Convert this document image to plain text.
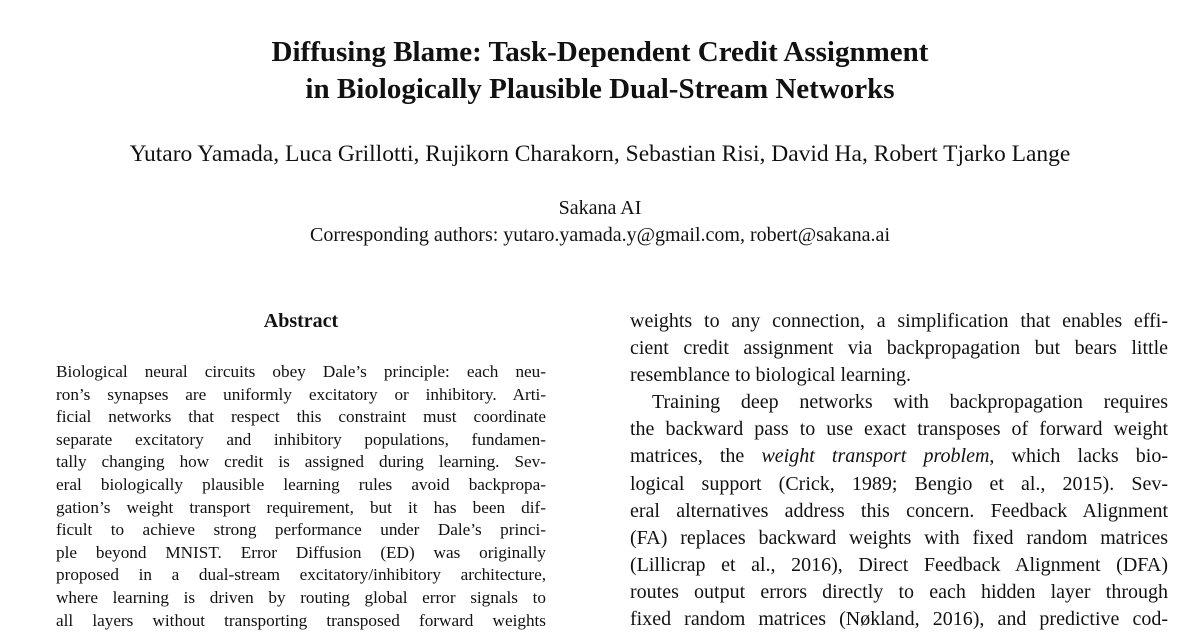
Diffusing Blame: Task-Dependent Credit Assignment
in Biologically Plausible Dual-Stream Networks
Yutaro Yamada, Luca Grillotti, Rujikorn Charakorn, Sebastian Risi, David Ha, Robert Tjarko Lange
Sakana AI
Corresponding authors: yutaro.yamada.y@gmail.com, robert@sakana.ai
Abstract
Biological neural circuits obey Dale’s principle: each neu-
ron’s synapses are uniformly excitatory or inhibitory. Arti-
ficial networks that respect this constraint must coordinate
separate excitatory and inhibitory populations, fundamen-
tally changing how credit is assigned during learning. Sev-
eral biologically plausible learning rules avoid backpropa-
gation’s weight transport requirement, but it has been dif-
ficult to achieve strong performance under Dale’s princi-
ple beyond MNIST. Error Diffusion (ED) was originally
proposed in a dual-stream excitatory/inhibitory architecture,
where learning is driven by routing global error signals to
all layers without transporting transposed forward weights
weights to any connection, a simplification that enables effi-
cient credit assignment via backpropagation but bears little
resemblance to biological learning.
Training deep networks with backpropagation requires
the backward pass to use exact transposes of forward weight
matrices, the weight transport problem, which lacks bio-
logical support (Crick, 1989; Bengio et al., 2015). Sev-
eral alternatives address this concern. Feedback Alignment
(FA) replaces backward weights with fixed random matrices
(Lillicrap et al., 2016), Direct Feedback Alignment (DFA)
routes output errors directly to each hidden layer through
fixed random matrices (Nøkland, 2016), and predictive cod-
